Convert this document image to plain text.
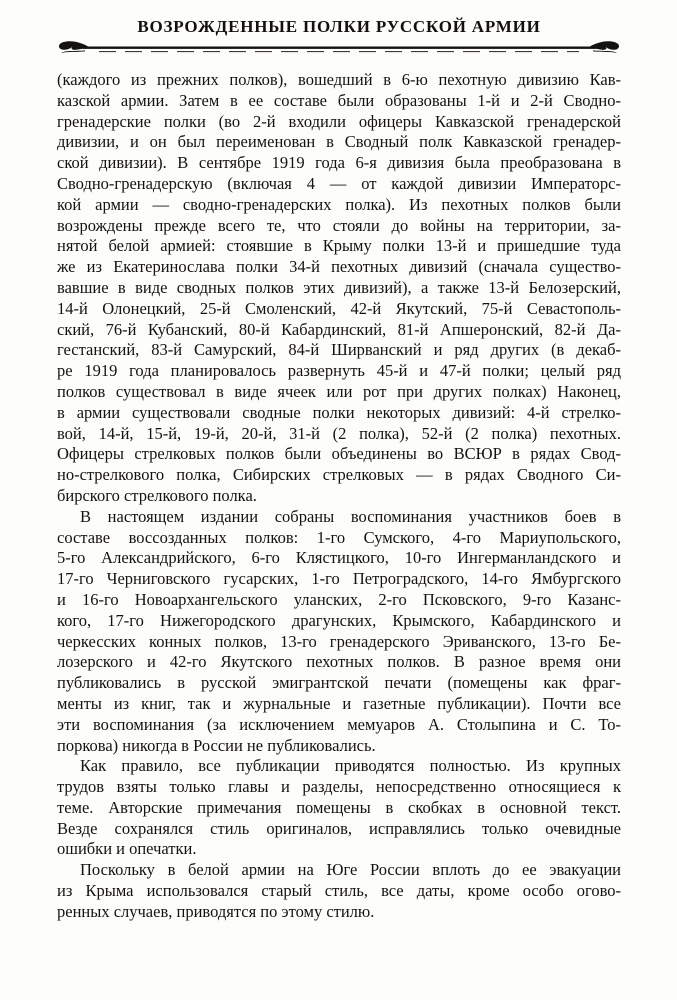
ВОЗРОЖДЕННЫЕ ПОЛКИ РУССКОЙ АРМИИ
(каждого из прежних полков), вошедший в 6-ю пехотную дивизию Кав-
казской армии. Затем в ее составе были образованы 1-й и 2-й Сводно-
гренадерские полки (во 2-й входили офицеры Кавказской гренадерской
дивизии, и он был переименован в Сводный полк Кавказской гренадер-
ской дивизии). В сентябре 1919 года 6-я дивизия была преобразована в
Сводно-гренадерскую (включая 4 — от каждой дивизии Императорс-
кой армии — сводно-гренадерских полка). Из пехотных полков были
возрождены прежде всего те, что стояли до войны на территории, за-
нятой белой армией: стоявшие в Крыму полки 13-й и пришедшие туда
же из Екатеринослава полки 34-й пехотных дивизий (сначала существо-
вавшие в виде сводных полков этих дивизий), а также 13-й Белозерский,
14-й Олонецкий, 25-й Смоленский, 42-й Якутский, 75-й Севастополь-
ский, 76-й Кубанский, 80-й Кабардинский, 81-й Апшеронский, 82-й Да-
гестанский, 83-й Самурский, 84-й Ширванский и ряд других (в декаб-
ре 1919 года планировалось развернуть 45-й и 47-й полки; целый ряд
полков существовал в виде ячеек или рот при других полках) Наконец,
в армии существовали сводные полки некоторых дивизий: 4-й стрелко-
вой, 14-й, 15-й, 19-й, 20-й, 31-й (2 полка), 52-й (2 полка) пехотных.
Офицеры стрелковых полков были объединены во ВСЮР в рядах Свод-
но-стрелкового полка, Сибирских стрелковых — в рядах Сводного Си-
бирского стрелкового полка.
В настоящем издании собраны воспоминания участников боев в
составе воссозданных полков: 1-го Сумского, 4-го Мариупольского,
5-го Александрийского, 6-го Клястицкого, 10-го Ингерманландского и
17-го Черниговского гусарских, 1-го Петроградского, 14-го Ямбургского
и 16-го Новоархангельского уланских, 2-го Псковского, 9-го Казанс-
кого, 17-го Нижегородского драгунских, Крымского, Кабардинского и
черкесских конных полков, 13-го гренадерского Эриванского, 13-го Бе-
лозерского и 42-го Якутского пехотных полков. В разное время они
публиковались в русской эмигрантской печати (помещены как фраг-
менты из книг, так и журнальные и газетные публикации). Почти все
эти воспоминания (за исключением мемуаров А. Столыпина и С. То-
поркова) никогда в России не публиковались.
Как правило, все публикации приводятся полностью. Из крупных
трудов взяты только главы и разделы, непосредственно относящиеся к
теме. Авторские примечания помещены в скобках в основной текст.
Везде сохранялся стиль оригиналов, исправлялись только очевидные
ошибки и опечатки.
Поскольку в белой армии на Юге России вплоть до ее эвакуации
из Крыма использовался старый стиль, все даты, кроме особо огово-
ренных случаев, приводятся по этому стилю.
